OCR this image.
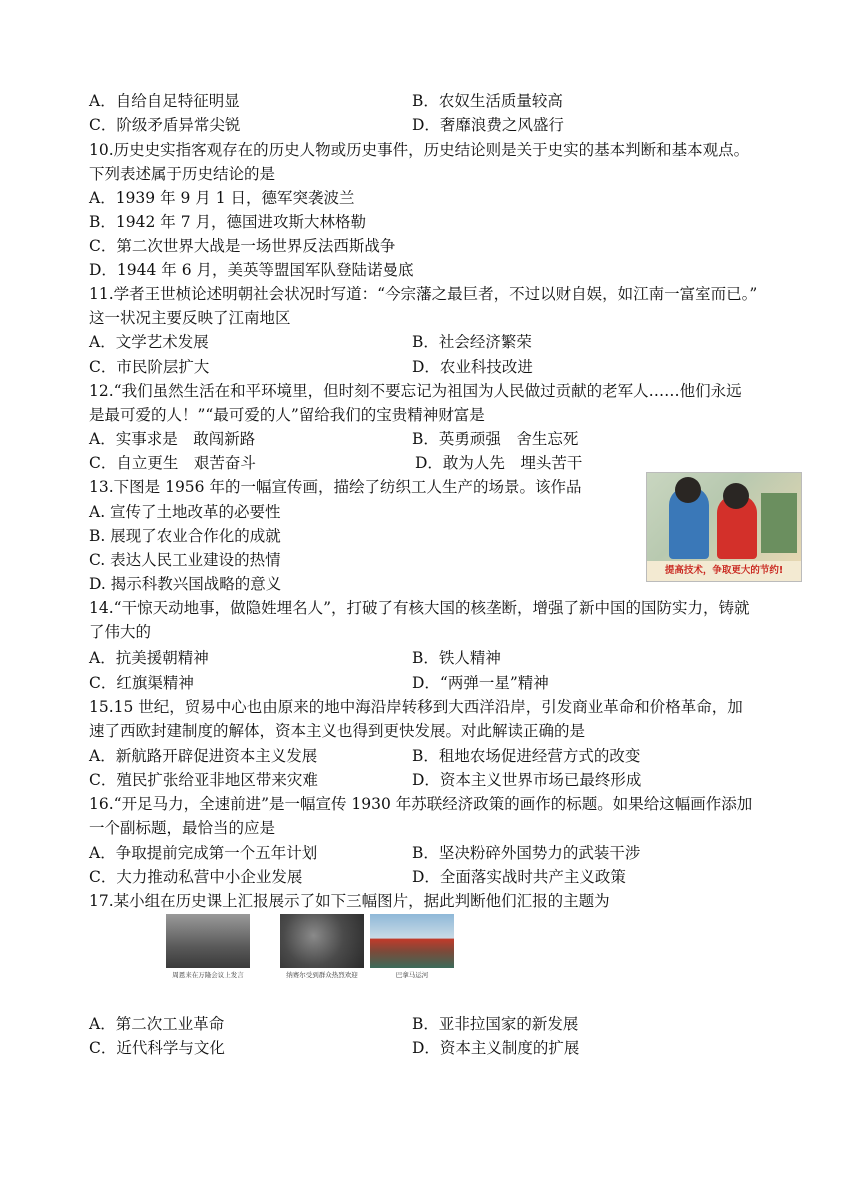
A．自给自足特征明显	B．农奴生活质量较高
C．阶级矛盾异常尖锐	D．奢靡浪费之风盛行
10.历史史实指客观存在的历史人物或历史事件，历史结论则是关于史实的基本判断和基本观点。
下列表述属于历史结论的是
A．1939 年 9 月 1 日，德军突袭波兰
B．1942 年 7 月，德国进攻斯大林格勒
C．第二次世界大战是一场世界反法西斯战争
D．1944 年 6 月，美英等盟国军队登陆诺曼底
11.学者王世桢论述明朝社会状况时写道：“今宗藩之最巨者，不过以财自娱，如江南一富室而已。”
这一状况主要反映了江南地区
A．文学艺术发展	B．社会经济繁荣
C．市民阶层扩大	D．农业科技改进
12.“我们虽然生活在和平环境里，但时刻不要忘记为祖国为人民做过贡献的老军人……他们永远
是最可爱的人！”“最可爱的人”留给我们的宝贵精神财富是
A．实事求是　敢闯新路	B．英勇顽强　舍生忘死
C．自立更生　艰苦奋斗	D．敢为人先　埋头苦干
13.下图是 1956 年的一幅宣传画，描绘了纺织工人生产的场景。该作品
A. 宣传了土地改革的必要性
B. 展现了农业合作化的成就
C. 表达人民工业建设的热情
D. 揭示科教兴国战略的意义
提高技术，争取更大的节约!
14.“干惊天动地事，做隐姓埋名人”，打破了有核大国的核垄断，增强了新中国的国防实力，铸就
了伟大的
A．抗美援朝精神	B．铁人精神
C．红旗渠精神	D．“两弹一星”精神
15.15 世纪，贸易中心也由原来的地中海沿岸转移到大西洋沿岸，引发商业革命和价格革命，加
速了西欧封建制度的解体，资本主义也得到更快发展。对此解读正确的是
A．新航路开辟促进资本主义发展	B．租地农场促进经营方式的改变
C．殖民扩张给亚非地区带来灾难	D．资本主义世界市场已最终形成
16.“开足马力，全速前进”是一幅宣传 1930 年苏联经济政策的画作的标题。如果给这幅画作添加
一个副标题，最恰当的应是
A．争取提前完成第一个五年计划	B．坚决粉碎外国势力的武装干涉
C．大力推动私营中小企业发展	D．全面落实战时共产主义政策
17.某小组在历史课上汇报展示了如下三幅图片，据此判断他们汇报的主题为
周恩来在万隆会议上发言	纳赛尔受到群众热烈欢迎	巴拿马运河
A．第二次工业革命	B．亚非拉国家的新发展
C．近代科学与文化	D．资本主义制度的扩展
